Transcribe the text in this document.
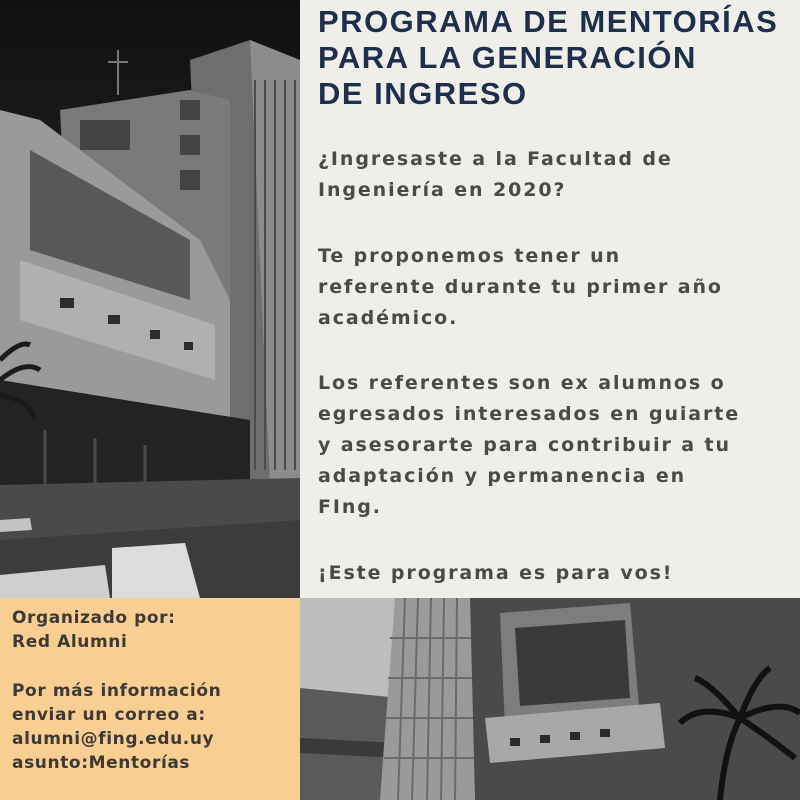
PROGRAMA DE MENTORÍAS
PARA LA GENERACIÓN
DE INGRESO

¿Ingresaste a la Facultad de
Ingeniería en 2020?

Te proponemos tener un
referente durante tu primer año
académico.

Los referentes son ex alumnos o
egresados interesados en guiarte
y asesorarte para contribuir a tu
adaptación y permanencia en
FIng.

¡Este programa es para vos!

Organizado por:
Red Alumni

Por más información
enviar un correo a:
alumni@fing.edu.uy
asunto:Mentorías
